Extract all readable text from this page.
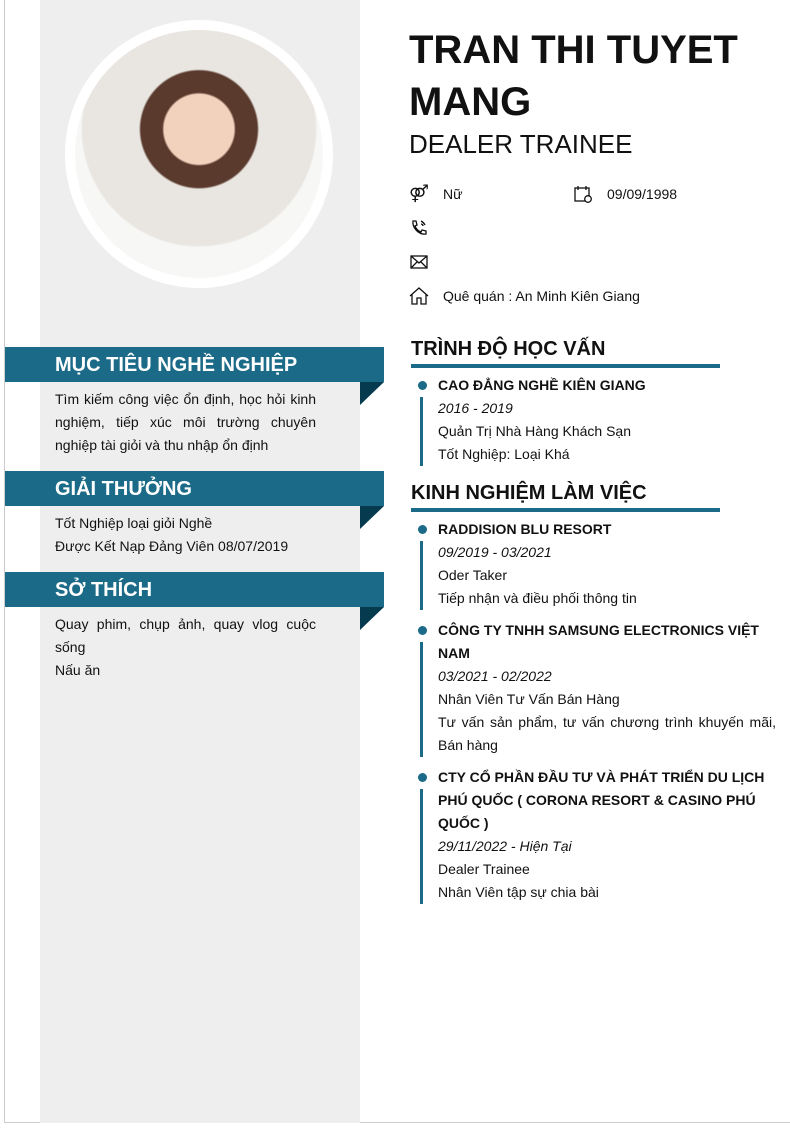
MỤC TIÊU NGHỀ NGHIỆP
Tìm kiếm công việc ổn định, học hỏi kinh nghiệm, tiếp xúc môi trường chuyên nghiệp tài giỏi và thu nhập ổn định
GIẢI THƯỞNG
Tốt Nghiệp loại giỏi Nghề
Được Kết Nạp Đảng Viên 08/07/2019
SỞ THÍCH
Quay phim, chụp ảnh, quay vlog cuộc sống
Nấu ăn
TRAN THI TUYET MANG
DEALER TRAINEE
⚤ Nữ	09/09/1998
Quê quán : An Minh Kiên Giang
TRÌNH ĐỘ HỌC VẤN
CAO ĐẲNG NGHỀ KIÊN GIANG
2016 - 2019
Quản Trị Nhà Hàng Khách Sạn
Tốt Nghiệp: Loại Khá
KINH NGHIỆM LÀM VIỆC
RADDISION BLU RESORT
09/2019 - 03/2021
Oder Taker
Tiếp nhận và điều phối thông tin
CÔNG TY TNHH SAMSUNG ELECTRONICS VIỆT NAM
03/2021 - 02/2022
Nhân Viên Tư Vấn Bán Hàng
Tư vấn sản phẩm, tư vấn chương trình khuyến mãi, Bán hàng
CTY CỔ PHẦN ĐẦU TƯ VÀ PHÁT TRIỂN DU LỊCH PHÚ QUỐC ( CORONA RESORT & CASINO PHÚ QUỐC )
29/11/2022 - Hiện Tại
Dealer Trainee
Nhân Viên tập sự chia bài
